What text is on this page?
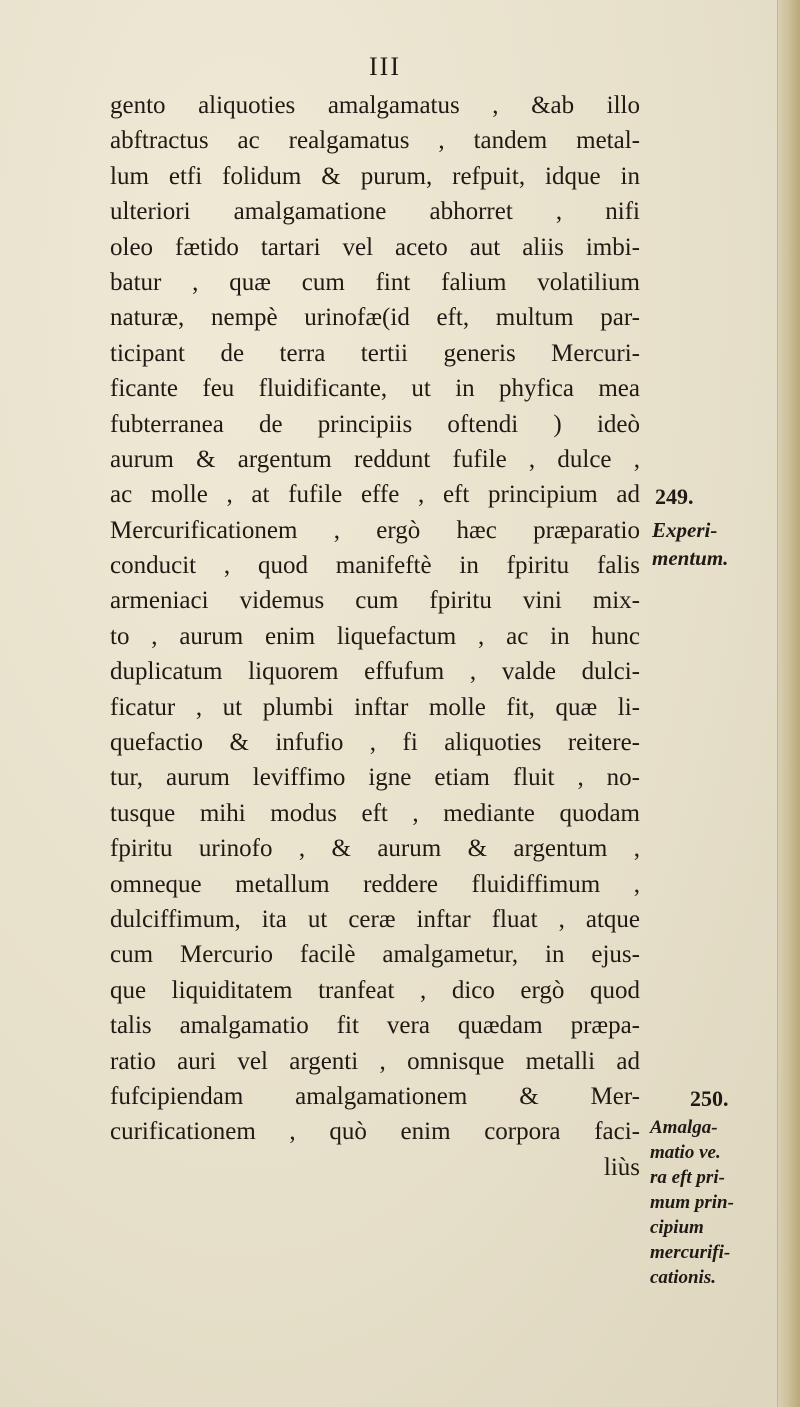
III
gento aliquoties amalgamatus , &ab illo
abftractus ac realgamatus , tandem metal-
lum etfi folidum & purum, refpuit, idque in
ulteriori amalgamatione abhorret , nifi
oleo fætido tartari vel aceto aut aliis imbi-
batur , quæ cum fint falium volatilium
naturæ, nempè urinofæ(id eft, multum par-
ticipant de terra tertii generis Mercuri-
ficante feu fluidificante, ut in phyfica mea
fubterranea de principiis oftendi ) ideò
aurum & argentum reddunt fufile , dulce ,
ac molle , at fufile effe , eft principium ad
Mercurificationem , ergò hæc præparatio
conducit , quod manifeftè in fpiritu falis
armeniaci videmus cum fpiritu vini mix-
to , aurum enim liquefactum , ac in hunc
duplicatum liquorem effufum , valde dulci-
ficatur , ut plumbi inftar molle fit, quæ li-
quefactio & infufio , fi aliquoties reitere-
tur, aurum leviffimo igne etiam fluit , no-
tusque mihi modus eft , mediante quodam
fpiritu urinofo , & aurum & argentum ,
omneque metallum reddere fluidiffimum ,
dulciffimum, ita ut ceræ inftar fluat , atque
cum Mercurio facilè amalgametur, in ejus-
que liquiditatem tranfeat , dico ergò quod
talis amalgamatio fit vera quædam præpa-
ratio auri vel argenti , omnisque metalli ad
fufcipiendam amalgamationem & Mer-
curificationem , quò enim corpora faci-
liùs
249.
Experi-
mentum.
250.
Amalga-
matio ve.
ra eft pri-
mum prin-
cipium
mercurifi-
cationis.
